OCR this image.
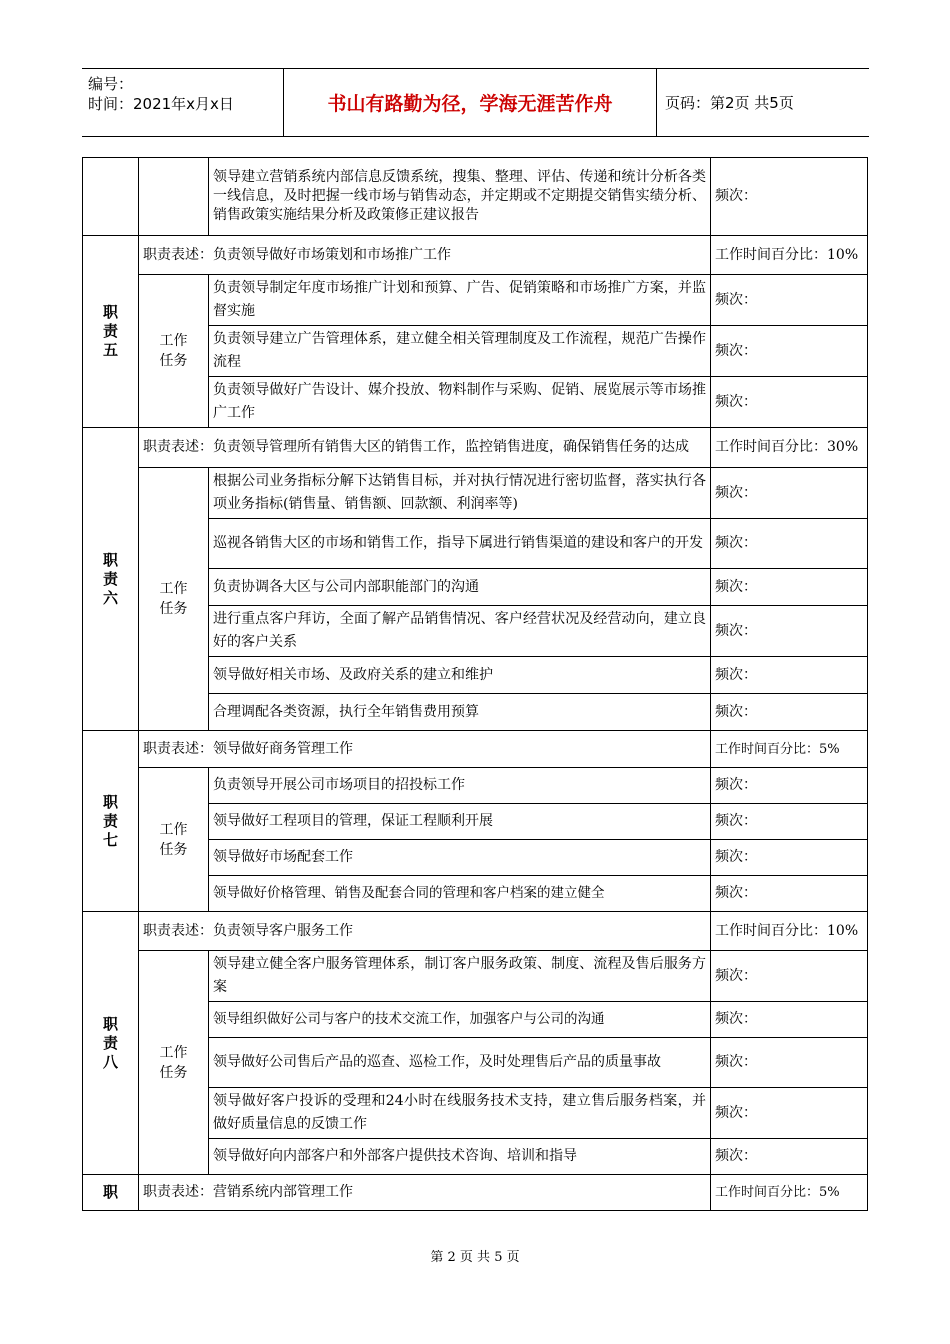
编号：
时间：2021年x月x日	书山有路勤为径，学海无涯苦作舟	页码：第2页 共5页
		领导建立营销系统内部信息反馈系统，搜集、整理、评估、传递和统计分析各类一线信息，及时把握一线市场与销售动态，并定期或不定期提交销售实绩分析、销售政策实施结果分析及政策修正建议报告	频次：
职责五	职责表述：负责领导做好市场策划和市场推广工作		工作时间百分比：10%
	工作任务	负责领导制定年度市场推广计划和预算、广告、促销策略和市场推广方案，并监督实施	频次：
		负责领导建立广告管理体系，建立健全相关管理制度及工作流程，规范广告操作流程	频次：
		负责领导做好广告设计、媒介投放、物料制作与采购、促销、展览展示等市场推广工作	频次：
职责六	职责表述：负责领导管理所有销售大区的销售工作，监控销售进度，确保销售任务的达成		工作时间百分比：30%
	工作任务	根据公司业务指标分解下达销售目标，并对执行情况进行密切监督，落实执行各项业务指标(销售量、销售额、回款额、利润率等)	频次：
		巡视各销售大区的市场和销售工作，指导下属进行销售渠道的建设和客户的开发	频次：
		负责协调各大区与公司内部职能部门的沟通	频次：
		进行重点客户拜访，全面了解产品销售情况、客户经营状况及经营动向，建立良好的客户关系	频次：
		领导做好相关市场、及政府关系的建立和维护	频次：
		合理调配各类资源，执行全年销售费用预算	频次：
职责七	职责表述：领导做好商务管理工作		工作时间百分比：5%
	工作任务	负责领导开展公司市场项目的招投标工作	频次：
		领导做好工程项目的管理，保证工程顺利开展	频次：
		领导做好市场配套工作	频次：
		领导做好价格管理、销售及配套合同的管理和客户档案的建立健全	频次：
职责八	职责表述：负责领导客户服务工作		工作时间百分比：10%
	工作任务	领导建立健全客户服务管理体系，制订客户服务政策、制度、流程及售后服务方案	频次：
		领导组织做好公司与客户的技术交流工作，加强客户与公司的沟通	频次：
		领导做好公司售后产品的巡查、巡检工作，及时处理售后产品的质量事故	频次：
		领导做好客户投诉的受理和24小时在线服务技术支持，建立售后服务档案，并做好质量信息的反馈工作	频次：
		领导做好向内部客户和外部客户提供技术咨询、培训和指导	频次：
职	职责表述：营销系统内部管理工作		工作时间百分比：5%
第 2 页 共 5 页
